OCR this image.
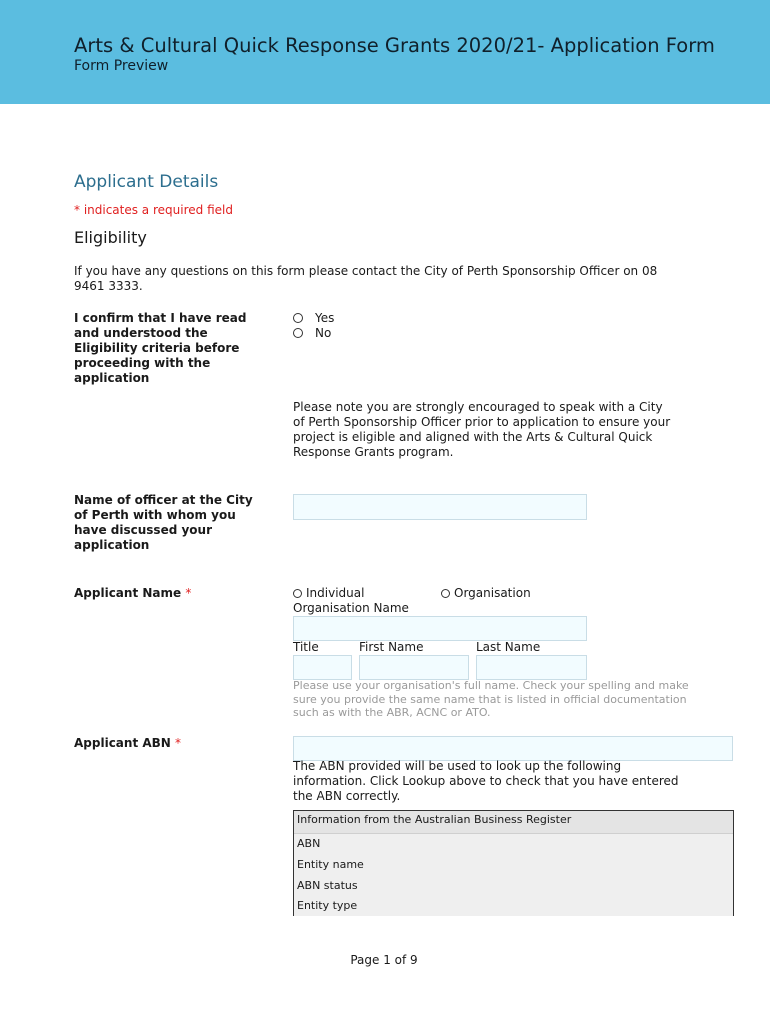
Arts & Cultural Quick Response Grants 2020/21- Application Form
Form Preview
Applicant Details
* indicates a required field
Eligibility
If you have any questions on this form please contact the City of Perth Sponsorship Officer on 08 9461 3333.
I confirm that I have read and understood the Eligibility criteria before proceeding with the application
Yes
No
Please note you are strongly encouraged to speak with a City of Perth Sponsorship Officer prior to application to ensure your project is eligible and aligned with the Arts & Cultural Quick Response Grants program.
Name of officer at the City of Perth with whom you have discussed your application
Applicant Name *	Individual	Organisation
Organisation Name
Title	First Name	Last Name
Please use your organisation's full name. Check your spelling and make sure you provide the same name that is listed in official documentation such as with the ABR, ACNC or ATO.
Applicant ABN *
The ABN provided will be used to look up the following information. Click Lookup above to check that you have entered the ABN correctly.
Information from the Australian Business Register
ABN
Entity name
ABN status
Entity type
Page 1 of 9
